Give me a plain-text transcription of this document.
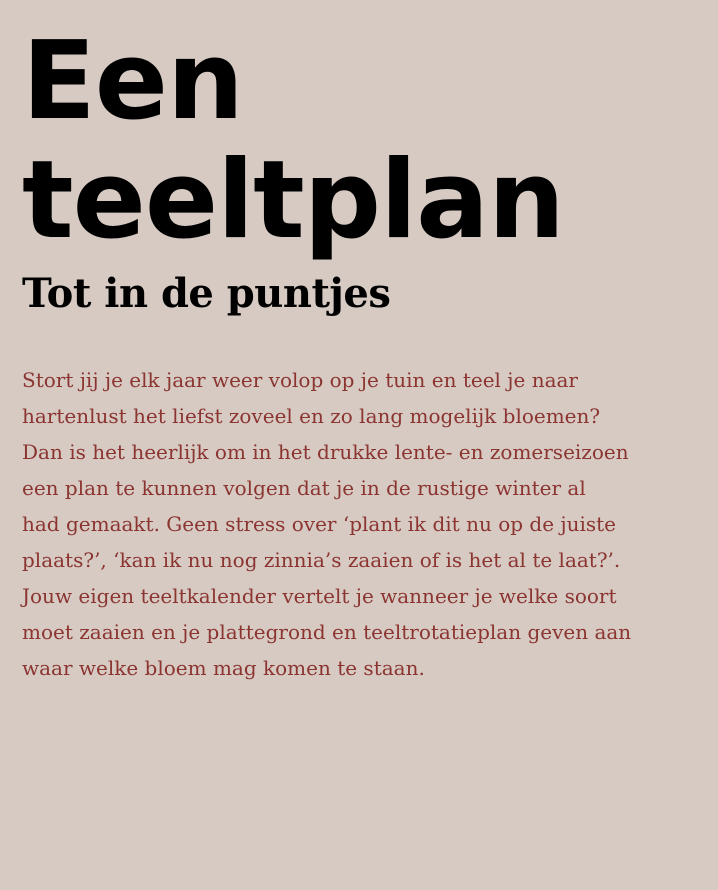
Een teeltplan
Tot in de puntjes

Stort jij je elk jaar weer volop op je tuin en teel je naar
hartenlust het liefst zoveel en zo lang mogelijk bloemen?
Dan is het heerlijk om in het drukke lente- en zomerseizoen
een plan te kunnen volgen dat je in de rustige winter al
had gemaakt. Geen stress over ‘plant ik dit nu op de juiste
plaats?’, ‘kan ik nu nog zinnia’s zaaien of is het al te laat?’.
Jouw eigen teeltkalender vertelt je wanneer je welke soort
moet zaaien en je plattegrond en teeltrotatieplan geven aan
waar welke bloem mag komen te staan.
